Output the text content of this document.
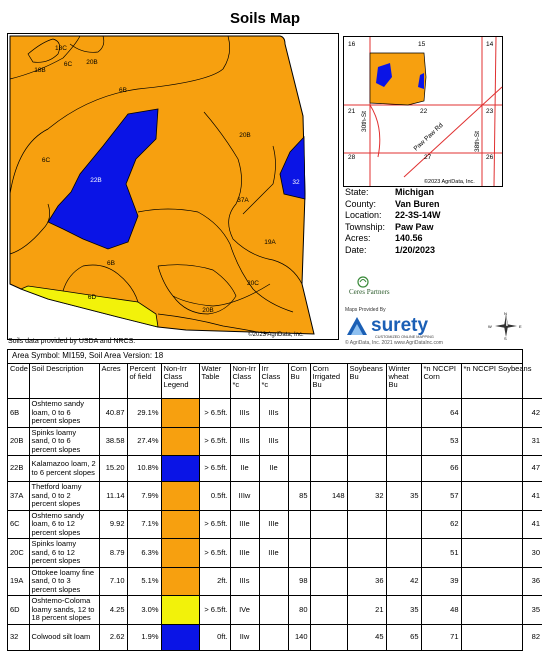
Soils Map
18C
6C 20B
18B
6B
20B
6C
22B	32
37A
19A
6B
20C
6D
20B
©2023 AgriData, Inc.
Soils data provided by USDA and NRCS.
16	15	14
21	22	23
28	27	26
30th-St
Paw Paw Rd	38th-St
©2023 AgriData, Inc.
State:	Michigan
County:	Van Buren
Location:	22-3S-14W
Township:	Paw Paw
Acres:	140.56
Date:	1/20/2023
Ceres Partners
Maps Provided By
surety
CUSTOMIZED ONLINE MAPPING
© AgriData, Inc. 2021 www.AgriDataInc.com
N
E
S
W
Area Symbol: MI159, Soil Area Version: 18
Code	Soil Description	Acres	Percent of field	Non-Irr Class Legend	Water Table	Non-Irr Class *c	Irr Class *c	Corn Bu	Corn Irrigated Bu	Soybeans Bu	Winter wheat Bu	*n NCCPI Corn	*n NCCPI Soybeans
6B	Oshtemo sandy loam, 0 to 6 percent slopes	40.87	29.1%		> 6.5ft.	IIIs	IIIs					64	42
20B	Spinks loamy sand, 0 to 6 percent slopes	38.58	27.4%		> 6.5ft.	IIIs	IIIs					53	31
22B	Kalamazoo loam, 2 to 6 percent slopes	15.20	10.8%		> 6.5ft.	IIe	IIe					66	47
37A	Thetford loamy sand, 0 to 2 percent slopes	11.14	7.9%		0.5ft.	IIIw		85	148	32	35	57	41
6C	Oshtemo sandy loam, 6 to 12 percent slopes	9.92	7.1%		> 6.5ft.	IIIe	IIIe					62	41
20C	Spinks loamy sand, 6 to 12 percent slopes	8.79	6.3%		> 6.5ft.	IIIe	IIIe					51	30
19A	Ottokee loamy fine sand, 0 to 3 percent slopes	7.10	5.1%		2ft.	IIIs		98		36	42	39	36
6D	Oshtemo-Coloma loamy sands, 12 to 18 percent slopes	4.25	3.0%		> 6.5ft.	IVe		80		21	35	48	35
32	Colwood silt loam	2.62	1.9%		0ft.	IIw		140		45	65	71	82
